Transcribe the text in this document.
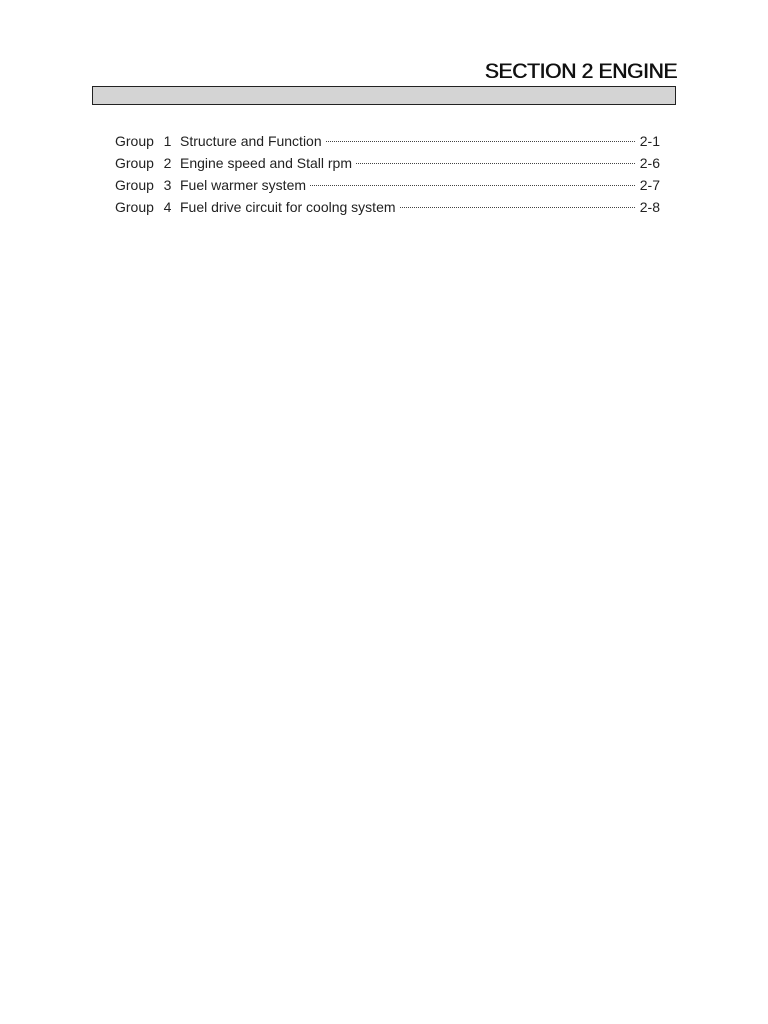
SECTION 2 ENGINE
Group 1 Structure and Function	2-1
Group 2 Engine speed and Stall rpm	2-6
Group 3 Fuel warmer system	2-7
Group 4 Fuel drive circuit for coolng system	2-8
